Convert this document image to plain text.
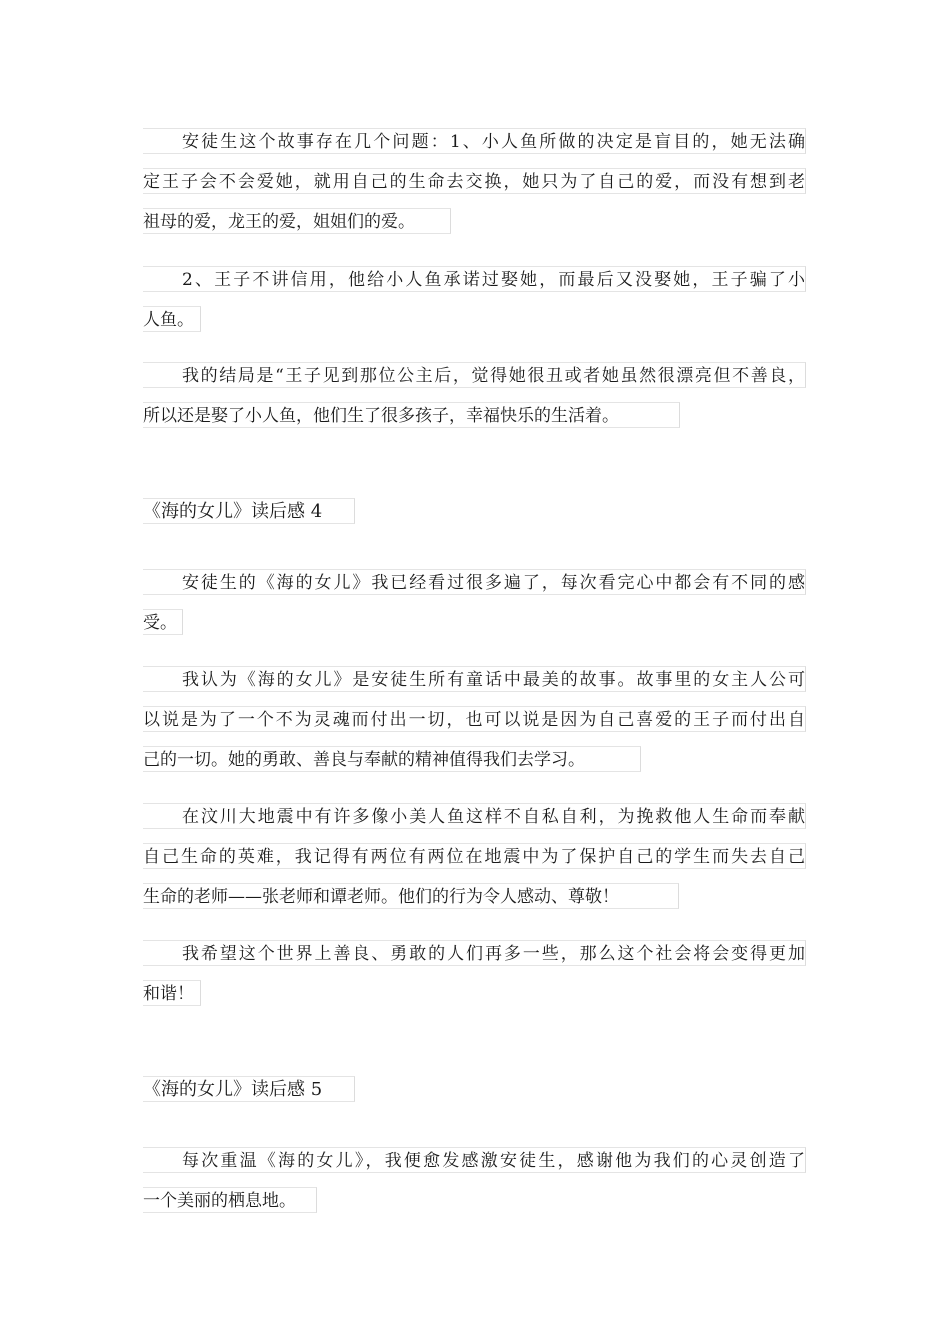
安徒生这个故事存在几个问题：1、小人鱼所做的决定是盲目的，她无法确
定王子会不会爱她，就用自己的生命去交换，她只为了自己的爱，而没有想到老
祖母的爱，龙王的爱，姐姐们的爱。
2、王子不讲信用，他给小人鱼承诺过娶她，而最后又没娶她，王子骗了小
人鱼。
我的结局是“王子见到那位公主后，觉得她很丑或者她虽然很漂亮但不善良，
所以还是娶了小人鱼，他们生了很多孩子，幸福快乐的生活着。
《海的女儿》读后感 4
安徒生的《海的女儿》我已经看过很多遍了，每次看完心中都会有不同的感
受。
我认为《海的女儿》是安徒生所有童话中最美的故事。故事里的女主人公可
以说是为了一个不为灵魂而付出一切，也可以说是因为自己喜爱的王子而付出自
己的一切。她的勇敢、善良与奉献的精神值得我们去学习。
在汶川大地震中有许多像小美人鱼这样不自私自利，为挽救他人生命而奉献
自己生命的英难，我记得有两位有两位在地震中为了保护自己的学生而失去自己
生命的老师——张老师和谭老师。他们的行为令人感动、尊敬！
我希望这个世界上善良、勇敢的人们再多一些，那么这个社会将会变得更加
和谐！
《海的女儿》读后感 5
每次重温《海的女儿》，我便愈发感激安徒生，感谢他为我们的心灵创造了
一个美丽的栖息地。
